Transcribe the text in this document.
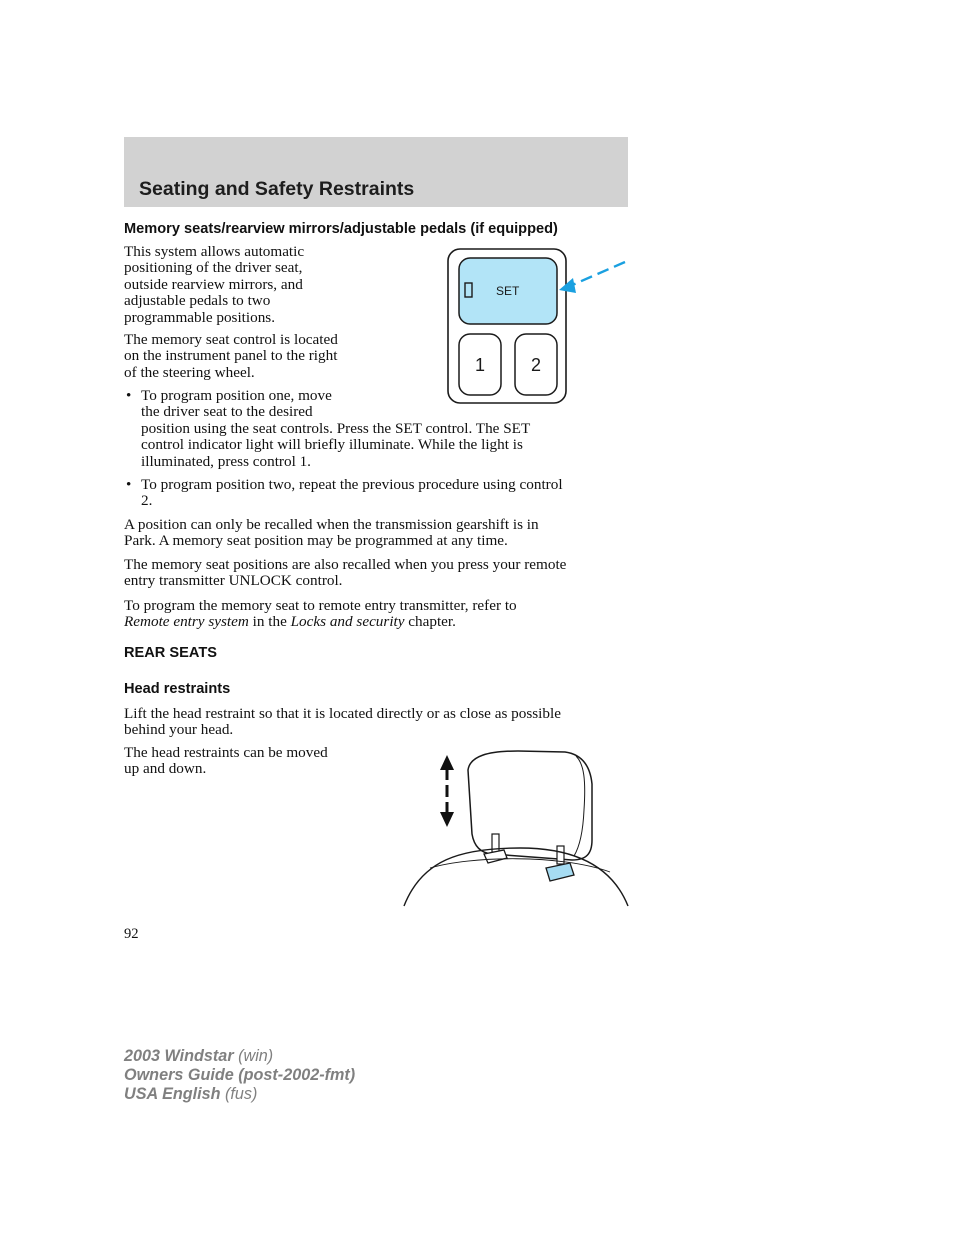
Seating and Safety Restraints
Memory seats/rearview mirrors/adjustable pedals (if equipped)
This system allows automatic
positioning of the driver seat,
outside rearview mirrors, and
adjustable pedals to two
programmable positions.
The memory seat control is located
on the instrument panel to the right
of the steering wheel.
• To program position one, move
the driver seat to the desired
position using the seat controls. Press the SET control. The SET
control indicator light will briefly illuminate. While the light is
illuminated, press control 1.
• To program position two, repeat the previous procedure using control
2.
A position can only be recalled when the transmission gearshift is in
Park. A memory seat position may be programmed at any time.
The memory seat positions are also recalled when you press your remote
entry transmitter UNLOCK control.
To program the memory seat to remote entry transmitter, refer to
Remote entry system in the Locks and security chapter.
SET
1	2
REAR SEATS
Head restraints
Lift the head restraint so that it is located directly or as close as possible
behind your head.
The head restraints can be moved
up and down.
92
2003 Windstar (win)
Owners Guide (post-2002-fmt)
USA English (fus)
